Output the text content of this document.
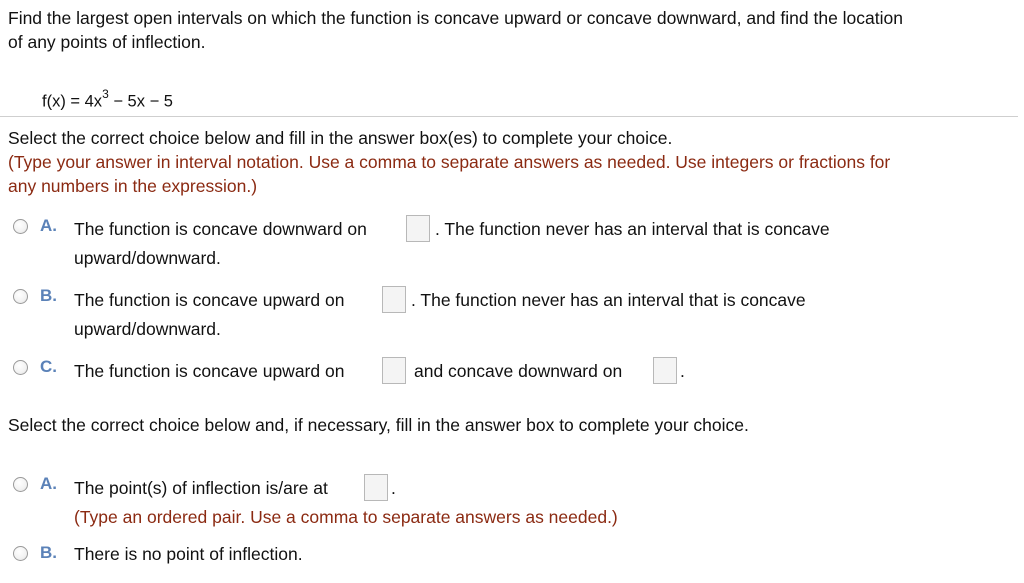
Find the largest open intervals on which the function is concave upward or concave downward, and find the location
of any points of inflection.
$f(x) = 4x^3 - 5x - 5$
Select the correct choice below and fill in the answer box(es) to complete your choice.
(Type your answer in interval notation. Use a comma to separate answers as needed. Use integers or fractions for
any numbers in the expression.)
A. The function is concave downward on	. The function never has an interval that is concave
upward/downward.
B. The function is concave upward on	. The function never has an interval that is concave
upward/downward.
C. The function is concave upward on	and concave downward on	.
Select the correct choice below and, if necessary, fill in the answer box to complete your choice.
A. The point(s) of inflection is/are at	.
(Type an ordered pair. Use a comma to separate answers as needed.)
B. There is no point of inflection.
